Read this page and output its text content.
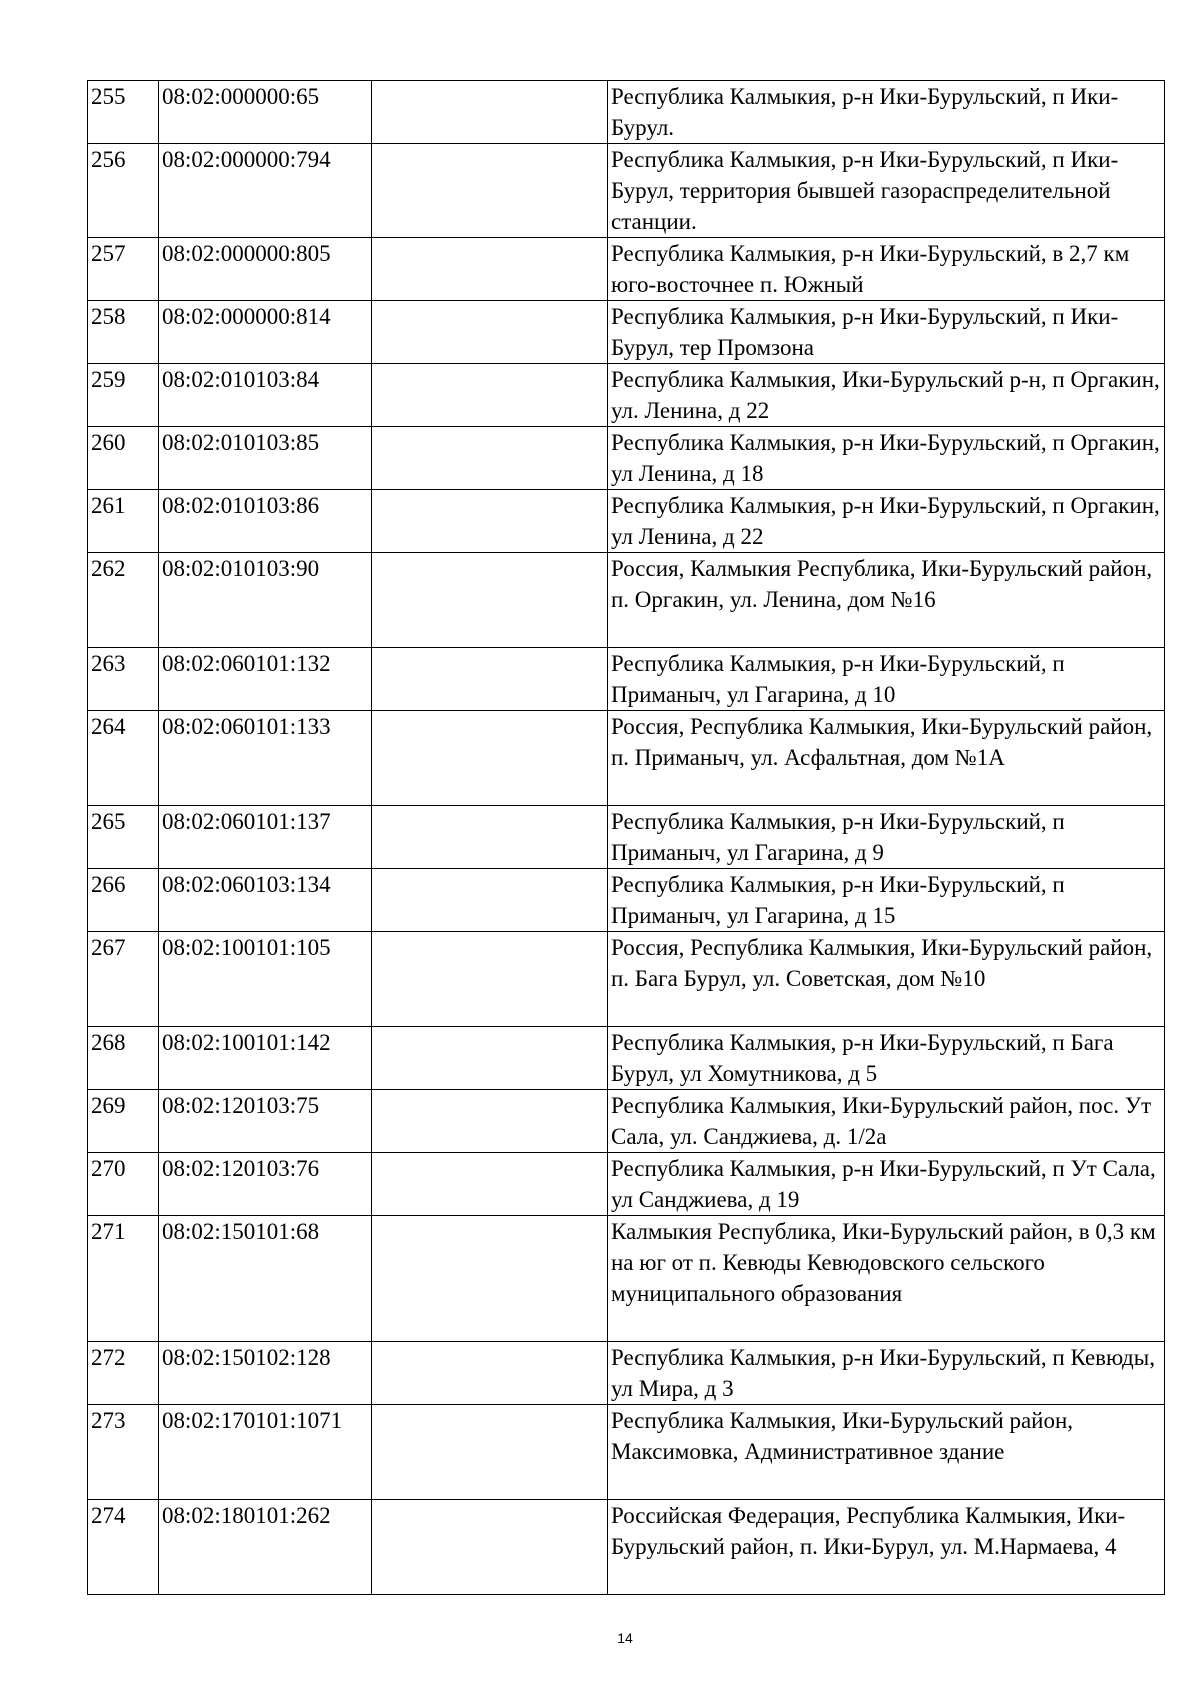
255	08:02:000000:65		Республика Калмыкия, р-н Ики-Бурульский, п Ики-Бурул.
256	08:02:000000:794		Республика Калмыкия, р-н Ики-Бурульский, п Ики-Бурул, территория бывшей газораспределительной станции.
257	08:02:000000:805		Республика Калмыкия, р-н Ики-Бурульский, в 2,7 км юго-восточнее п. Южный
258	08:02:000000:814		Республика Калмыкия, р-н Ики-Бурульский, п Ики-Бурул, тер Промзона
259	08:02:010103:84		Республика Калмыкия, Ики-Бурульский р-н, п Оргакин, ул. Ленина, д 22
260	08:02:010103:85		Республика Калмыкия, р-н Ики-Бурульский, п Оргакин, ул Ленина, д 18
261	08:02:010103:86		Республика Калмыкия, р-н Ики-Бурульский, п Оргакин, ул Ленина, д 22
262	08:02:010103:90		Россия, Калмыкия Республика, Ики-Бурульский район, п. Оргакин, ул. Ленина, дом №16
263	08:02:060101:132		Республика Калмыкия, р-н Ики-Бурульский, п Приманыч, ул Гагарина, д 10
264	08:02:060101:133		Россия, Республика Калмыкия, Ики-Бурульский район, п. Приманыч, ул. Асфальтная, дом №1А
265	08:02:060101:137		Республика Калмыкия, р-н Ики-Бурульский, п Приманыч, ул Гагарина, д 9
266	08:02:060103:134		Республика Калмыкия, р-н Ики-Бурульский, п Приманыч, ул Гагарина, д 15
267	08:02:100101:105		Россия, Республика Калмыкия, Ики-Бурульский район, п. Бага Бурул, ул. Советская, дом №10
268	08:02:100101:142		Республика Калмыкия, р-н Ики-Бурульский, п Бага Бурул, ул Хомутникова, д 5
269	08:02:120103:75		Республика Калмыкия, Ики-Бурульский район, пос. Ут Сала, ул. Санджиева, д. 1/2а
270	08:02:120103:76		Республика Калмыкия, р-н Ики-Бурульский, п Ут Сала, ул Санджиева, д 19
271	08:02:150101:68		Калмыкия Республика, Ики-Бурульский район, в 0,3 км на юг от п. Кевюды Кевюдовского сельского муниципального образования
272	08:02:150102:128		Республика Калмыкия, р-н Ики-Бурульский, п Кевюды, ул Мира, д 3
273	08:02:170101:1071		Республика Калмыкия, Ики-Бурульский район, Максимовка, Административное здание
274	08:02:180101:262		Российская Федерация, Республика Калмыкия, Ики-Бурульский район, п. Ики-Бурул, ул. М.Нармаева, 4
14
